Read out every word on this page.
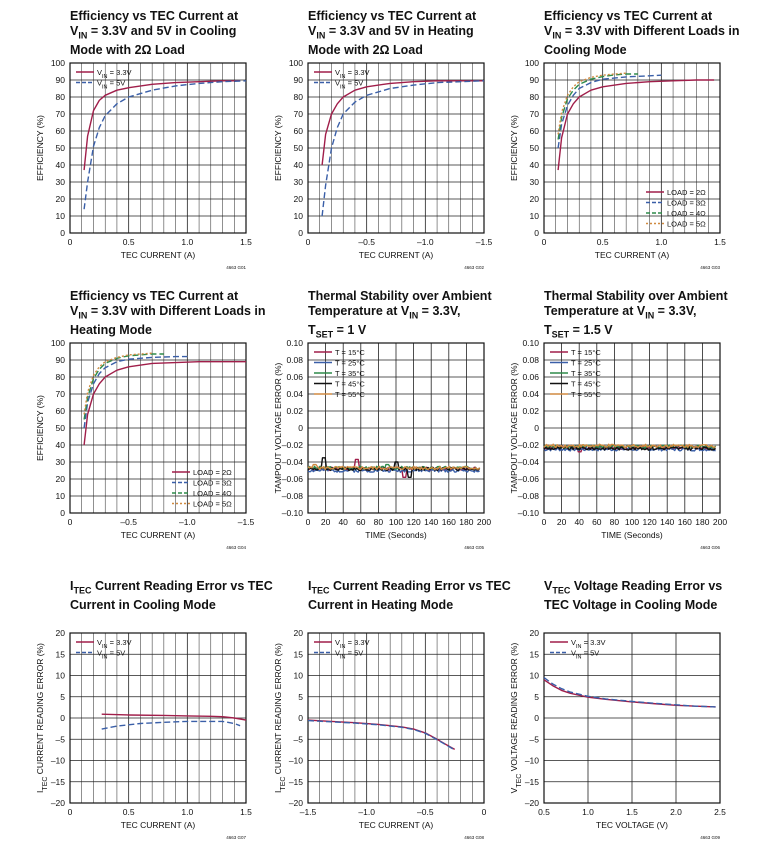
Efficiency vs TEC Current at
$V_{IN} = 3.3V$ and 5V in Cooling
Mode with 2Ω Load
0
10
20
30
40
50
60
70
80
90
100
0	0.5	1.0	1.5
TEC CURRENT (A)
EFFICIENCY (%)
4663 G01
$V_{IN} = 3.3V$
$V_{IN} = 5V$
Efficiency vs TEC Current at
$V_{IN} = 3.3V$ and 5V in Heating
Mode with 2Ω Load
0
10
20
30
40
50
60
70
80
90
100
0	–0.5	–1.0	–1.5
TEC CURRENT (A)
EFFICIENCY (%)
4663 G02
$V_{IN} = 3.3V$
$V_{IN} = 5V$
Efficiency vs TEC Current at
$V_{IN} = 3.3V$ with Different Loads in
Cooling Mode
0
10
20
30
40
50
60
70
80
90
100
0	0.5	1.0	1.5
TEC CURRENT (A)
EFFICIENCY (%)
4663 G03
LOAD = 2Ω
LOAD = 3Ω
LOAD = 4Ω
LOAD = 5Ω
Efficiency vs TEC Current at
$V_{IN} = 3.3V$ with Different Loads in
Heating Mode
0
10
20
30
40
50
60
70
80
90
100
0	–0.5	–1.0	–1.5
TEC CURRENT (A)
EFFICIENCY (%)
4663 G04
LOAD = 2Ω
LOAD = 3Ω
LOAD = 4Ω
LOAD = 5Ω
Thermal Stability over Ambient
Temperature at $V_{IN} = 3.3V$,
$T_{SET} = 1$ V
–0.10
–0.08
–0.06
–0.04
–0.02
0
0.02
0.04
0.06
0.08
0.10
0 20 40 60 80 100 120 140 160 180 200
TIME (Seconds)
TAMPOUT VOLTAGE ERROR (%)
4663 G05
T = 15°C
T = 25°C
T = 35°C
T = 45°C
T = 55°C
Thermal Stability over Ambient
Temperature at $V_{IN} = 3.3V$,
$T_{SET} = 1.5$ V
–0.10
–0.08
–0.06
–0.04
–0.02
0
0.02
0.04
0.06
0.08
0.10
0 20 40 60 80 100 120 140 160 180 200
TIME (Seconds)
TAMPOUT VOLTAGE ERROR (%)
4663 G06
T = 15°C
T = 25°C
T = 35°C
T = 45°C
T = 55°C
$I_{TEC}$ Current Reading Error vs TEC
Current in Cooling Mode
–20
–15
–10
–5
0
5
10
15
20
0	0.5	1.0	1.5
TEC CURRENT (A)
$I_{TEC}$ CURRENT READING ERROR (%)
4663 G07
$V_{IN} = 3.3V$
$V_{IN} = 5V$
$I_{TEC}$ Current Reading Error vs TEC
Current in Heating Mode
–20
–15
–10
–5
0
5
10
15
20
–1.5	–1.0	–0.5	0
TEC CURRENT (A)
$I_{TEC}$ CURRENT READING ERROR (%)
4663 G08
$V_{IN} = 3.3V$
$V_{IN} = 5V$
$V_{TEC}$ Voltage Reading Error vs
TEC Voltage in Cooling Mode
–20
–15
–10
–5
0
5
10
15
20
0.5	1.0	1.5	2.0	2.5
TEC VOLTAGE (V)
$V_{TEC}$ VOLTAGE READING ERROR (%)
4663 G09
$V_{IN} = 3.3V$
$V_{IN} = 5V$
